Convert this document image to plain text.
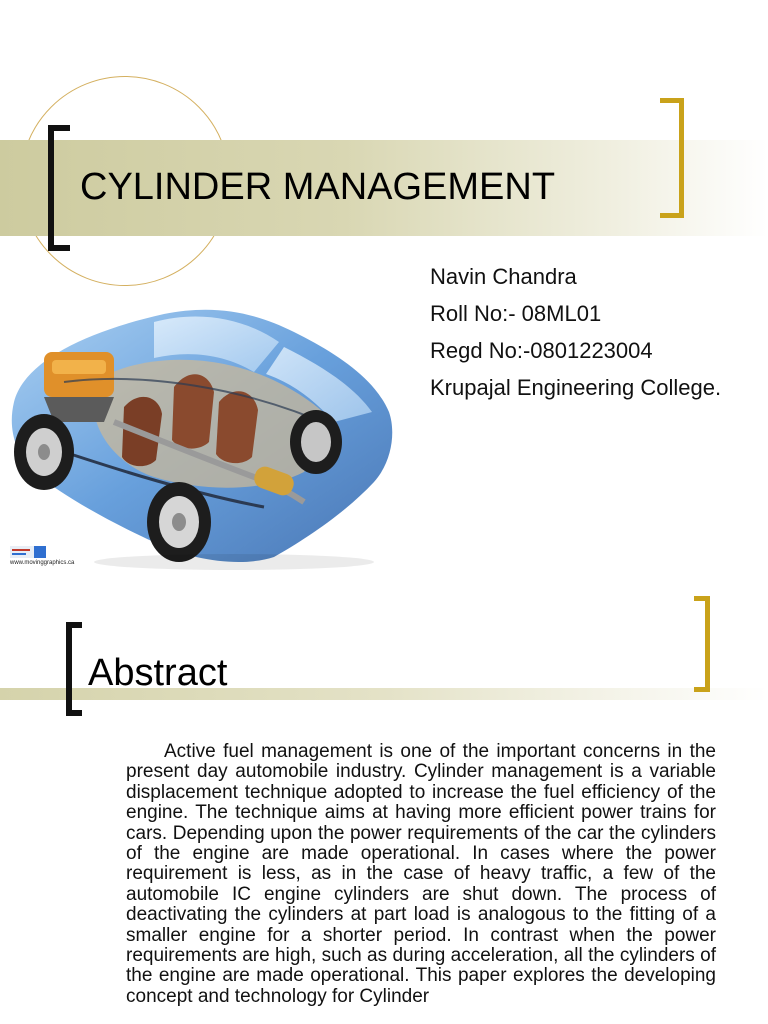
CYLINDER MANAGEMENT
Navin Chandra
Roll No:- 08ML01
Regd No:-0801223004
Krupajal Engineering College.
www.movinggraphics.ca
Abstract

Active fuel management is one of the important concerns in the present day automobile industry. Cylinder management is a variable displacement technique adopted to increase the fuel efficiency of the engine. The technique aims at having more efficient power trains for cars. Depending upon the power requirements of the car the cylinders of the engine are made operational. In cases where the power requirement is less, as in the case of heavy traffic, a few of the automobile IC engine cylinders are shut down. The process of deactivating the cylinders at part load is analogous to the fitting of a smaller engine for a shorter period. In contrast when the power requirements are high, such as during acceleration, all the cylinders of the engine are made operational. This paper explores the developing concept and technology for Cylinder
